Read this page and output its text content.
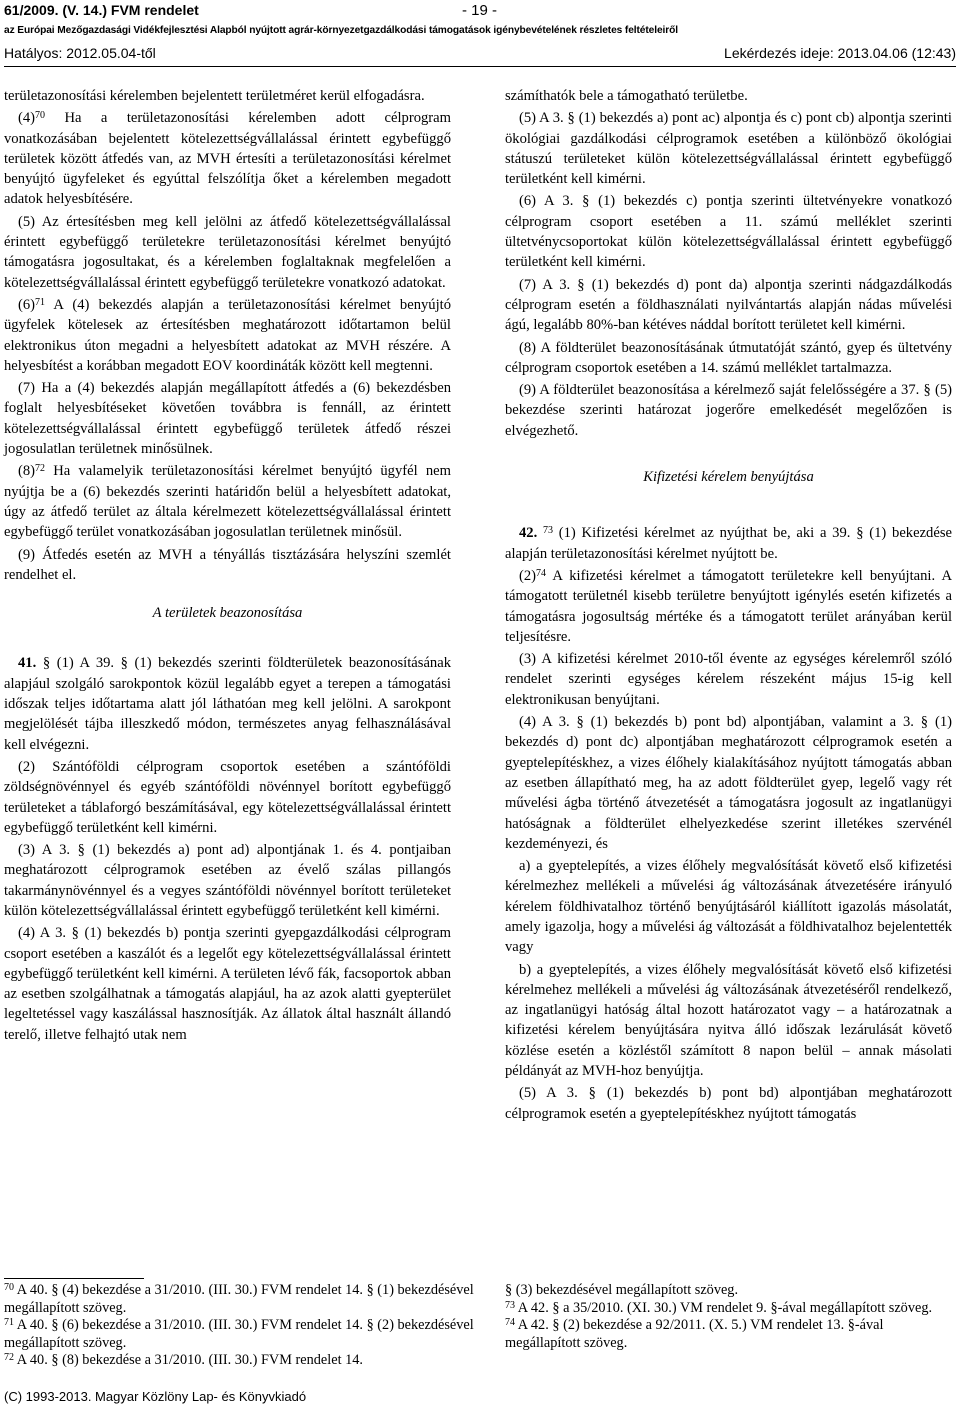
61/2009. (V. 14.) FVM rendelet	- 19 -
az Európai Mezőgazdasági Vidékfejlesztési Alapból nyújtott agrár-környezetgazdálkodási támogatások igénybevételének részletes feltételeiről
Hatályos: 2012.05.04-től	Lekérdezés ideje: 2013.04.06 (12:43)

területazonosítási kérelemben bejelentett területméret kerül elfogadásra.

$(4)^{70}$ Ha a területazonosítási kérelemben adott célprogram vonatkozásában bejelentett kötelezettségvállalással érintett egybefüggő területek között átfedés van, az MVH értesíti a területazonosítási kérelmet benyújtó ügyfeleket és egyúttal felszólítja őket a kérelemben megadott adatok helyesbítésére.

(5) Az értesítésben meg kell jelölni az átfedő kötelezettségvállalással érintett egybefüggő területekre területazonosítási kérelmet benyújtó támogatásra jogosultakat, és a kérelemben foglaltaknak megfelelően a kötelezettségvállalással érintett egybefüggő területekre vonatkozó adatokat.

$(6)^{71}$ A (4) bekezdés alapján a területazonosítási kérelmet benyújtó ügyfelek kötelesek az értesítésben meghatározott időtartamon belül elektronikus úton megadni a helyesbített adatokat az MVH részére. A helyesbítést a korábban megadott EOV koordináták között kell megtenni.

(7) Ha a (4) bekezdés alapján megállapított átfedés a (6) bekezdésben foglalt helyesbítéseket követően továbbra is fennáll, az érintett kötelezettségvállalással érintett egybefüggő területek átfedő részei jogosulatlan területnek minősülnek.

$(8)^{72}$ Ha valamelyik területazonosítási kérelmet benyújtó ügyfél nem nyújtja be a (6) bekezdés szerinti határidőn belül a helyesbített adatokat, úgy az átfedő terület az általa kérelmezett kötelezettségvállalással érintett egybefüggő terület vonatkozásában jogosulatlan területnek minősül.

(9) Átfedés esetén az MVH a tényállás tisztázására helyszíni szemlét rendelhet el.

A területek beazonosítása

41. § (1) A 39. § (1) bekezdés szerinti földterületek beazonosításának alapjául szolgáló sarokpontok közül legalább egyet a terepen a támogatási időszak teljes időtartama alatt jól láthatóan meg kell jelölni. A sarokpont megjelölését tájba illeszkedő módon, természetes anyag felhasználásával kell elvégezni.

(2) Szántóföldi célprogram csoportok esetében a szántóföldi zöldségnövénnyel és egyéb szántóföldi növénnyel borított egybefüggő területeket a táblaforgó beszámításával, egy kötelezettségvállalással érintett egybefüggő területként kell kimérni.

(3) A 3. § (1) bekezdés a) pont ad) alpontjának 1. és 4. pontjaiban meghatározott célprogramok esetében az évelő szálas pillangós takarmánynövénnyel és a vegyes szántóföldi növénnyel borított területeket külön kötelezettségvállalással érintett egybefüggő területként kell kimérni.

(4) A 3. § (1) bekezdés b) pontja szerinti gyepgazdálkodási célprogram csoport esetében a kaszálót és a legelőt egy kötelezettségvállalással érintett egybefüggő területként kell kimérni. A területen lévő fák, facsoportok abban az esetben szolgálhatnak a támogatás alapjául, ha az azok alatti gyepterület legeltetéssel vagy kaszálással hasznosítják. Az állatok által használt állandó terelő, illetve felhajtó utak nem

számíthatók bele a támogatható területbe.

(5) A 3. § (1) bekezdés a) pont ac) alpontja és c) pont cb) alpontja szerinti ökológiai gazdálkodási célprogramok esetében a különböző ökológiai státuszú területeket külön kötelezettségvállalással érintett egybefüggő területként kell kimérni.

(6) A 3. § (1) bekezdés c) pontja szerinti ültetvényekre vonatkozó célprogram csoport esetében a 11. számú melléklet szerinti ültetvénycsoportokat külön kötelezettségvállalással érintett egybefüggő területként kell kimérni.

(7) A 3. § (1) bekezdés d) pont da) alpontja szerinti nádgazdálkodás célprogram esetén a földhasználati nyilvántartás alapján nádas művelési ágú, legalább 80%-ban kétéves náddal borított területet kell kimérni.

(8) A földterület beazonosításának útmutatóját szántó, gyep és ültetvény célprogram csoportok esetében a 14. számú melléklet tartalmazza.

(9) A földterület beazonosítása a kérelmező saját felelősségére a 37. § (5) bekezdése szerinti határozat jogerőre emelkedését megelőzően is elvégezhető.

Kifizetési kérelem benyújtása

42. $^{73}$ (1) Kifizetési kérelmet az nyújthat be, aki a 39. § (1) bekezdése alapján területazonosítási kérelmet nyújtott be.

$(2)^{74}$ A kifizetési kérelmet a támogatott területekre kell benyújtani. A támogatott területnél kisebb területre benyújtott igénylés esetén kifizetés a támogatásra jogosultság mértéke és a támogatott terület arányában kerül teljesítésre.

(3) A kifizetési kérelmet 2010-től évente az egységes kérelemről szóló rendelet szerinti egységes kérelem részeként május 15-ig kell elektronikusan benyújtani.

(4) A 3. § (1) bekezdés b) pont bd) alpontjában, valamint a 3. § (1) bekezdés d) pont dc) alpontjában meghatározott célprogramok esetén a gyeptelepítéskhez, a vizes élőhely kialakításához nyújtott támogatás abban az esetben állapítható meg, ha az adott földterület gyep, legelő vagy rét művelési ágba történő átvezetését a támogatásra jogosult az ingatlanügyi hatóságnak a földterület elhelyezkedése szerint illetékes szervénél kezdeményezi, és

a) a gyeptelepítés, a vizes élőhely megvalósítását követő első kifizetési kérelmezhez mellékeli a művelési ág változásának átvezetésére irányuló kérelem földhivatalhoz történő benyújtásáról kiállított igazolás másolatát, amely igazolja, hogy a művelési ág változását a földhivatalhoz bejelentették vagy

b) a gyeptelepítés, a vizes élőhely megvalósítását követő első kifizetési kérelmehez mellékeli a művelési ág változásának átvezetéséről rendelkező, az ingatlanügyi hatóság által hozott határozatot vagy – a határozatnak a kifizetési kérelem benyújtására nyitva álló időszak lezárulását követő közlése esetén a közléstől számított 8 napon belül – annak másolati példányát az MVH-hoz benyújtja.

(5) A 3. § (1) bekezdés b) pont bd) alpontjában meghatározott célprogramok esetén a gyeptelepítéskhez nyújtott támogatás

$^{70}$ A 40. § (4) bekezdése a 31/2010. (III. 30.) FVM rendelet 14. § (1) bekezdésével megállapított szöveg.

$^{71}$ A 40. § (6) bekezdése a 31/2010. (III. 30.) FVM rendelet 14. § (2) bekezdésével megállapított szöveg.

$^{72}$ A 40. § (8) bekezdése a 31/2010. (III. 30.) FVM rendelet 14.

§ (3) bekezdésével megállapított szöveg.

$^{73}$ A 42. § a 35/2010. (XI. 30.) VM rendelet 9. §-ával megállapított szöveg.

$^{74}$ A 42. § (2) bekezdése a 92/2011. (X. 5.) VM rendelet 13. §-ával megállapított szöveg.

(C) 1993-2013. Magyar Közlöny Lap- és Könyvkiadó
